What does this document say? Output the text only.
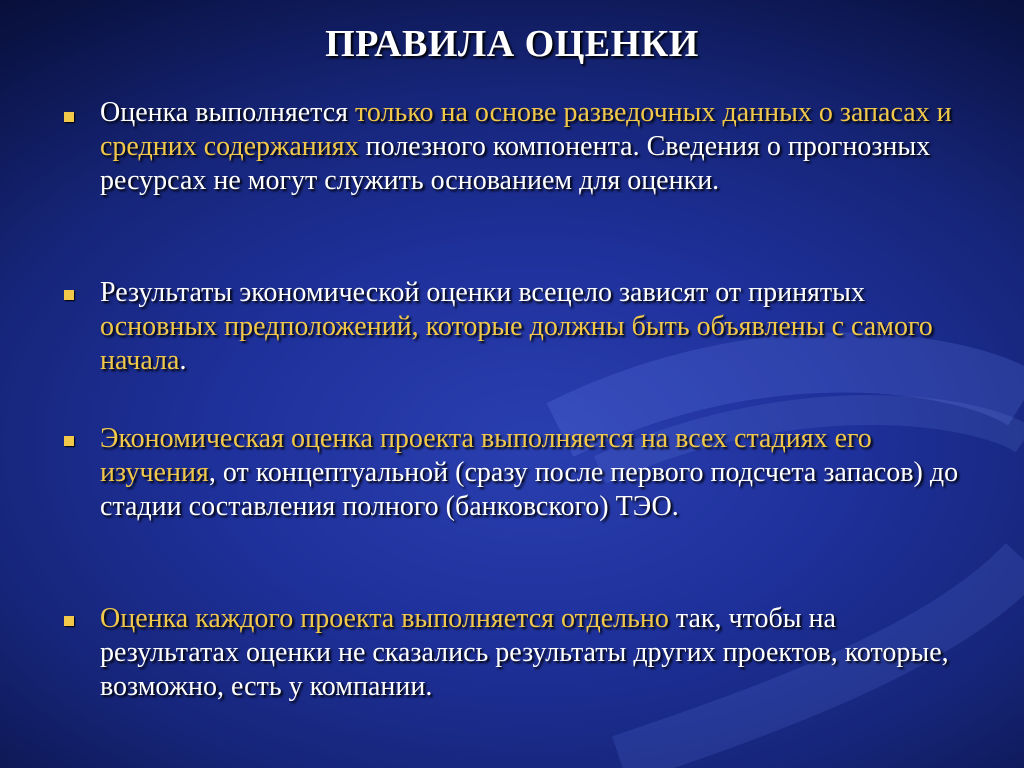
ПРАВИЛА ОЦЕНКИ
Оценка выполняется только на основе разведочных данных о запасах и средних содержаниях полезного компонента. Сведения о прогнозных ресурсах не могут служить основанием для оценки.
Результаты экономической оценки всецело зависят от принятых основных предположений, которые должны быть объявлены с самого начала.
Экономическая оценка проекта выполняется на всех стадиях его изучения, от концептуальной (сразу после первого подсчета запасов) до стадии составления полного (банковского) ТЭО.
Оценка каждого проекта выполняется отдельно так, чтобы на результатах оценки не сказались результаты других проектов, которые, возможно, есть у компании.
